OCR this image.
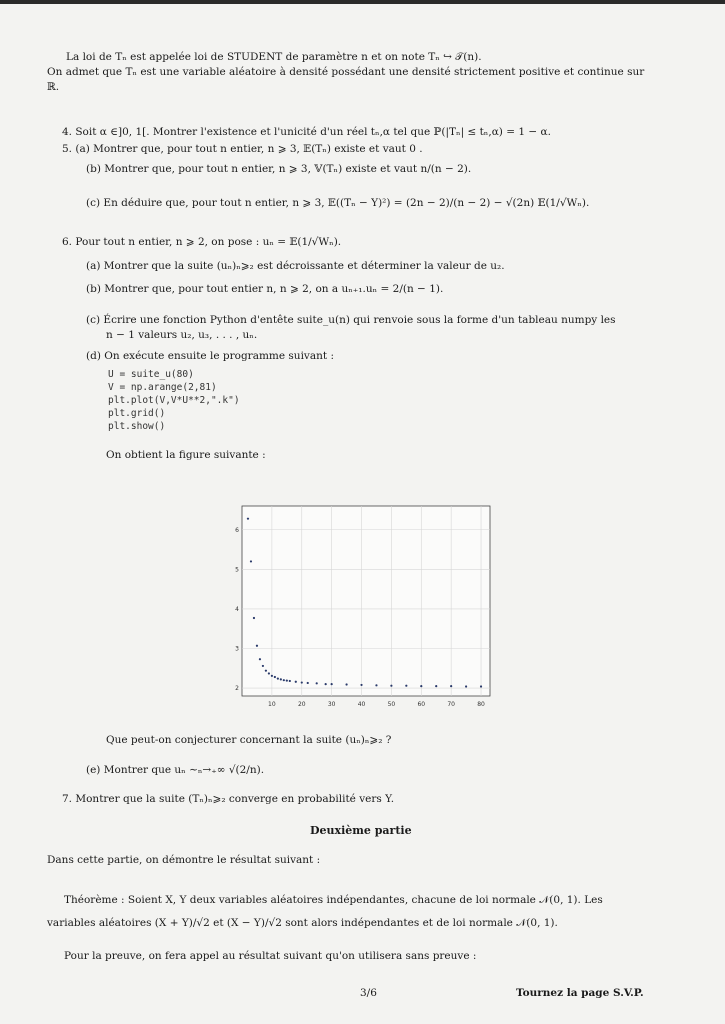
La loi de Tₙ est appelée loi de STUDENT de paramètre n et on note Tₙ ↪ 𝒯(n).
On admet que Tₙ est une variable aléatoire à densité possédant une densité strictement positive et continue sur
ℝ.
4. Soit α ∈]0, 1[. Montrer l'existence et l'unicité d'un réel tₙ,α tel que ℙ(|Tₙ| ≤ tₙ,α) = 1 − α.
5. (a) Montrer que, pour tout n entier, n ⩾ 3, 𝔼(Tₙ) existe et vaut 0 .
(b) Montrer que, pour tout n entier, n ⩾ 3, 𝕍(Tₙ) existe et vaut n/(n − 2).
(c) En déduire que, pour tout n entier, n ⩾ 3, 𝔼((Tₙ − Y)²) = (2n − 2)/(n − 2) − √(2n) 𝔼(1/√Wₙ).
6. Pour tout n entier, n ⩾ 2, on pose : uₙ = 𝔼(1/√Wₙ).
(a) Montrer que la suite (uₙ)ₙ⩾₂ est décroissante et déterminer la valeur de u₂.
(b) Montrer que, pour tout entier n, n ⩾ 2, on a uₙ₊₁.uₙ = 2/(n − 1).
(c) Écrire une fonction Python d'entête suite_u(n) qui renvoie sous la forme d'un tableau numpy les
n − 1 valeurs u₂, u₃, . . . , uₙ.
(d) On exécute ensuite le programme suivant :
U = suite_u(80)
V = np.arange(2,81)
plt.plot(V,V*U**2,".k")
plt.grid()
plt.show()
On obtient la figure suivante :
10	20	30	40	50	60	70	80
2
3
4
5
6
Que peut-on conjecturer concernant la suite (uₙ)ₙ⩾₂ ?
(e) Montrer que uₙ ∼ₙ→₊∞ √(2/n).
7. Montrer que la suite (Tₙ)ₙ⩾₂ converge en probabilité vers Y.
Deuxième partie
Dans cette partie, on démontre le résultat suivant :
Théorème : Soient X, Y deux variables aléatoires indépendantes, chacune de loi normale 𝒩(0, 1). Les
variables aléatoires (X + Y)/√2 et (X − Y)/√2 sont alors indépendantes et de loi normale 𝒩(0, 1).
Pour la preuve, on fera appel au résultat suivant qu'on utilisera sans preuve :
3/6	Tournez la page S.V.P.
